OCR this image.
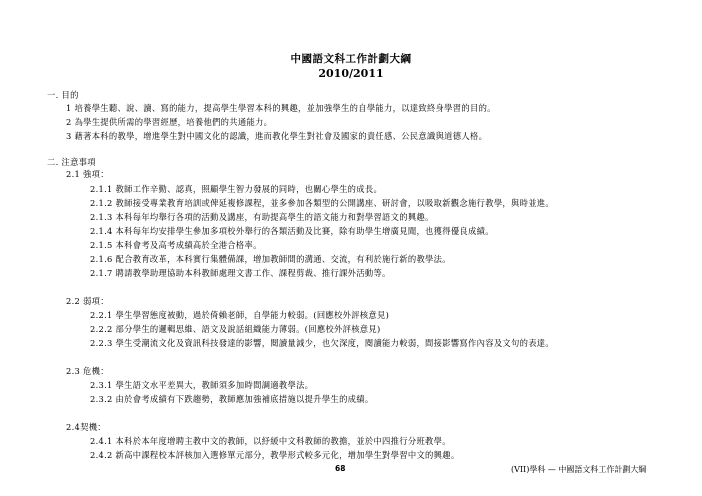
中國語文科工作計劃大綱
2010/2011
一. 目的
1 培養學生聽、說、讀、寫的能力，提高學生學習本科的興趣，並加強學生的自學能力，以達致終身學習的目的。
2 為學生提供所需的學習經歷，培養他們的共通能力。
3 藉著本科的教學，增進學生對中國文化的認識，進而教化學生對社會及國家的責任感、公民意識與道德人格。
二. 注意事項
2.1 強項：
2.1.1 教師工作辛勤、認真，照顧學生智力發展的同時，也關心學生的成長。
2.1.2 教師接受專業教育培訓或俾延複修課程，並多參加各類型的公開講座、研討會，以吸取新觀念施行教學，與時並進。
2.1.3 本科每年均舉行各項的活動及講座，有助提高學生的語文能力和對學習語文的興趣。
2.1.4 本科每年均安排學生參加多項校外舉行的各類活動及比賽，除有助學生增廣見聞，也獲得優良成績。
2.1.5 本科會考及高考成績高於全港合格率。
2.1.6 配合教育改革，本科實行集體備課，增加教師間的溝通、交流，有利於施行新的教學法。
2.1.7 聘請教學助理協助本科教師處理文書工作、課程剪裁、推行課外活動等。
2.2 弱項：
2.2.1 學生學習態度被動，過於倚賴老師，自學能力較弱。(回應校外評核意見)
2.2.2 部分學生的邏輯思維、語文及說話組織能力薄弱。(回應校外評核意見)
2.2.3 學生受潮流文化及資訊科技發達的影響，閱讀量減少，也欠深度，閱讀能力較弱，間接影響寫作內容及文句的表達。
2.3 危機：
2.3.1 學生語文水平差異大，教師須多加時間調適教學法。
2.3.2 由於會考成績有下跌趨勢，教師應加強補底措施以提升學生的成績。
2.4契機：
2.4.1 本科於本年度增聘主教中文的教師，以紓緩中文科教師的教擔，並於中四推行分班教學。
2.4.2 新高中課程校本評核加入選修單元部分，教學形式較多元化，增加學生對學習中文的興趣。
68	(VII)學科 — 中國語文科工作計劃大綱
